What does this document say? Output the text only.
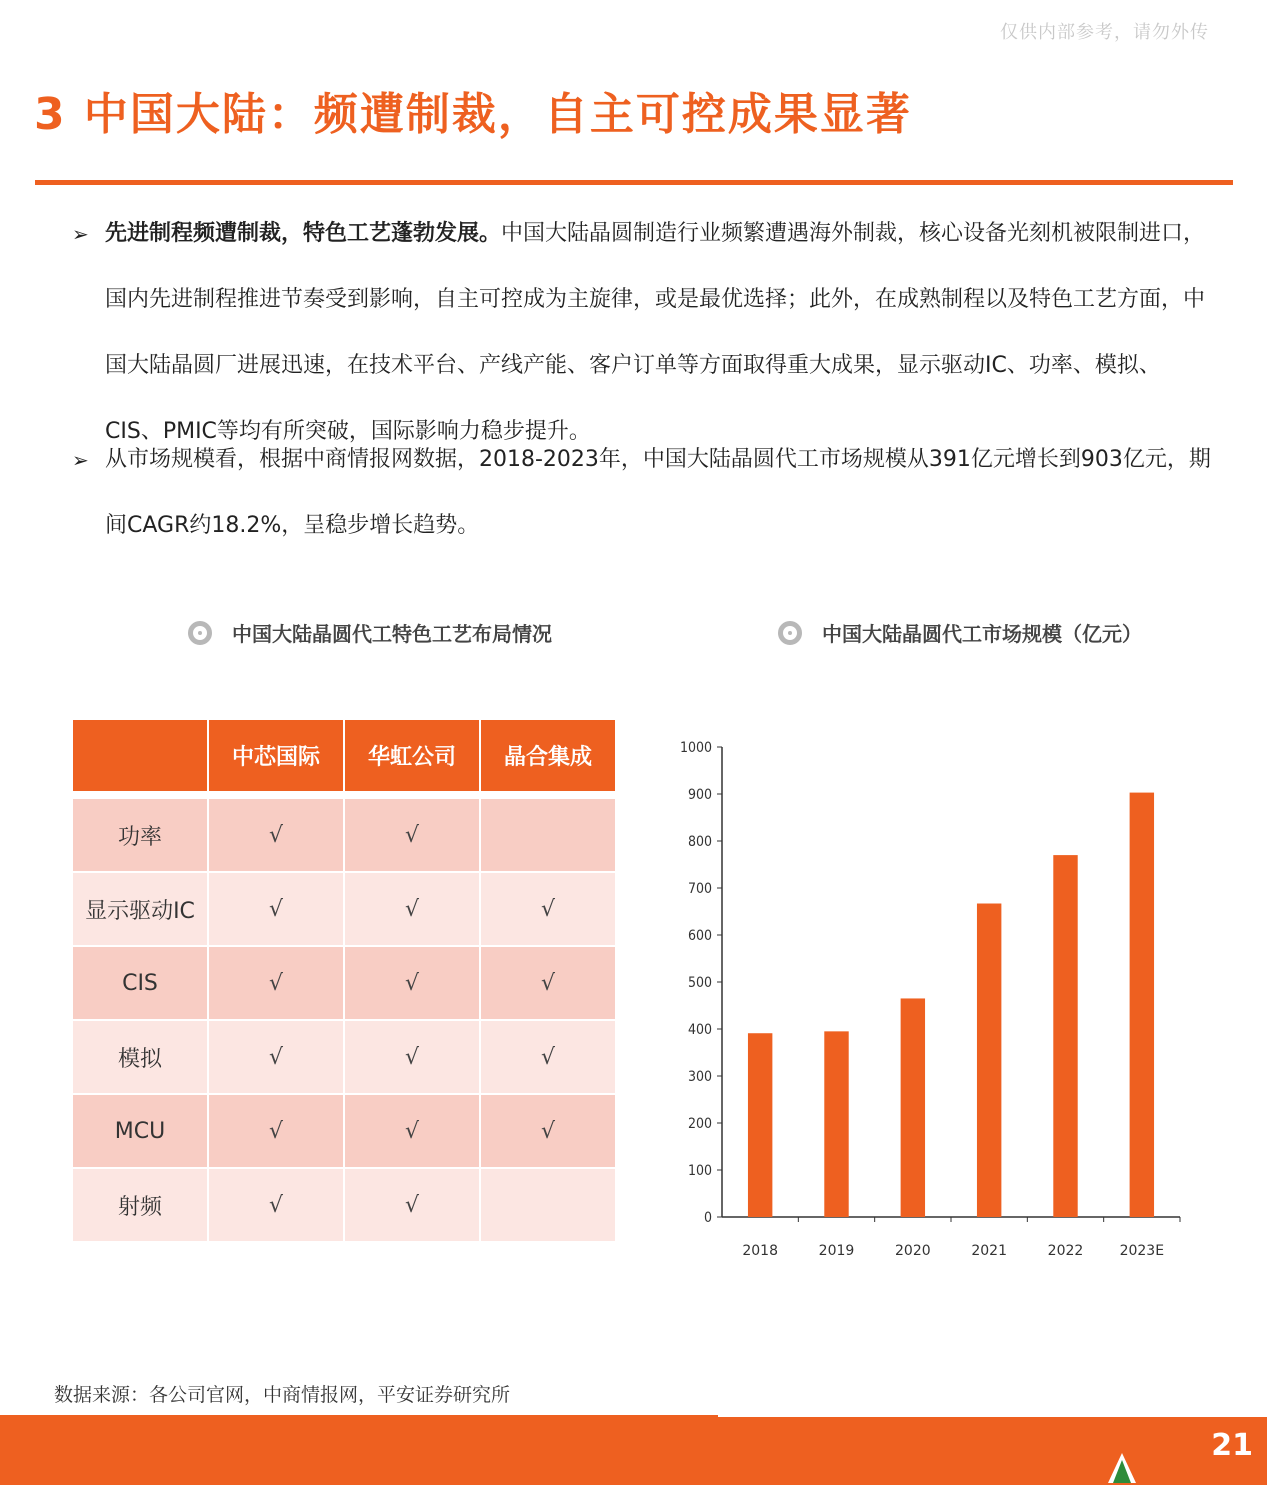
仅供内部参考，请勿外传
3 中国大陆：频遭制裁，自主可控成果显著
➢ 先进制程频遭制裁，特色工艺蓬勃发展。中国大陆晶圆制造行业频繁遭遇海外制裁，核心设备光刻机被限制进口，国内先进制程推进节奏受到影响，自主可控成为主旋律，或是最优选择；此外，在成熟制程以及特色工艺方面，中国大陆晶圆厂进展迅速，在技术平台、产线产能、客户订单等方面取得重大成果，显示驱动IC、功率、模拟、CIS、PMIC等均有所突破，国际影响力稳步提升。
➢ 从市场规模看，根据中商情报网数据，2018-2023年，中国大陆晶圆代工市场规模从391亿元增长到903亿元，期间CAGR约18.2%，呈稳步增长趋势。
中国大陆晶圆代工特色工艺布局情况	中国大陆晶圆代工市场规模（亿元）
	中芯国际	华虹公司	晶合集成

功率	√	√	
显示驱动IC	√	√	√
CIS	√	√	√
模拟	√	√	√
MCU	√	√	√
射频	√	√	
0
100
200
300
400
500
600
700
800
900
1000
2018	2019	2020	2021	2022	2023E
数据来源：各公司官网，中商情报网，平安证券研究所
21
